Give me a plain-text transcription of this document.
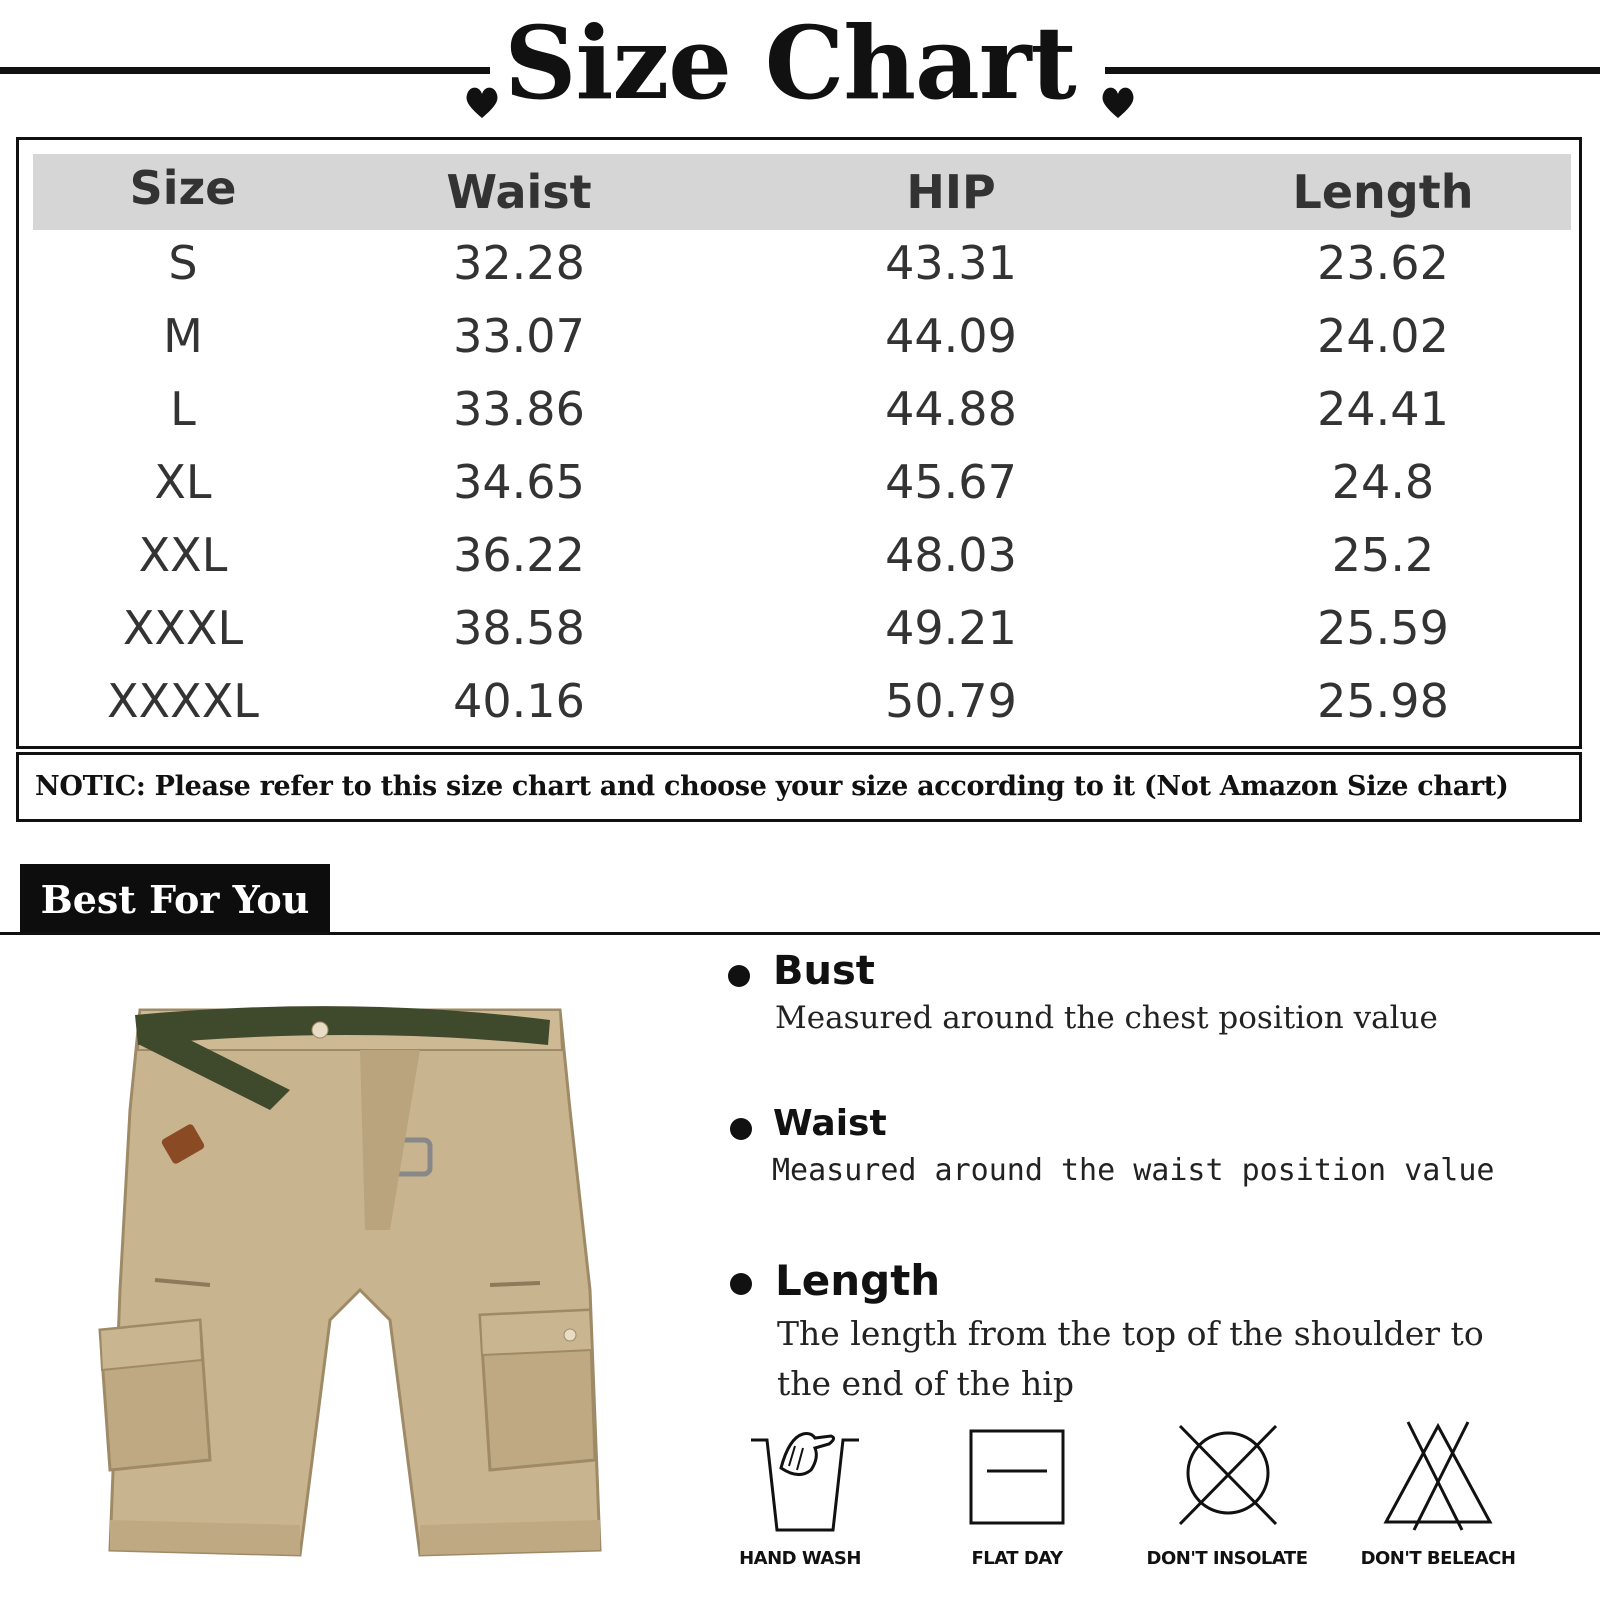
Size Chart
Size	Waist	HIP	Length
S	32.28	43.31	23.62
M	33.07	44.09	24.02
L	33.86	44.88	24.41
XL	34.65	45.67	24.8
XXL	36.22	48.03	25.2
XXXL	38.58	49.21	25.59
XXXXL	40.16	50.79	25.98
NOTIC: Please refer to this size chart and choose your size according to it (Not Amazon Size chart)
Best For You
Bust
Measured around the chest position value
Waist
Measured around the waist position value
Length
The length from the top of the shoulder to
the end of the hip
HAND WASH	FLAT DAY	DON'T INSOLATE	DON'T BELEACH
